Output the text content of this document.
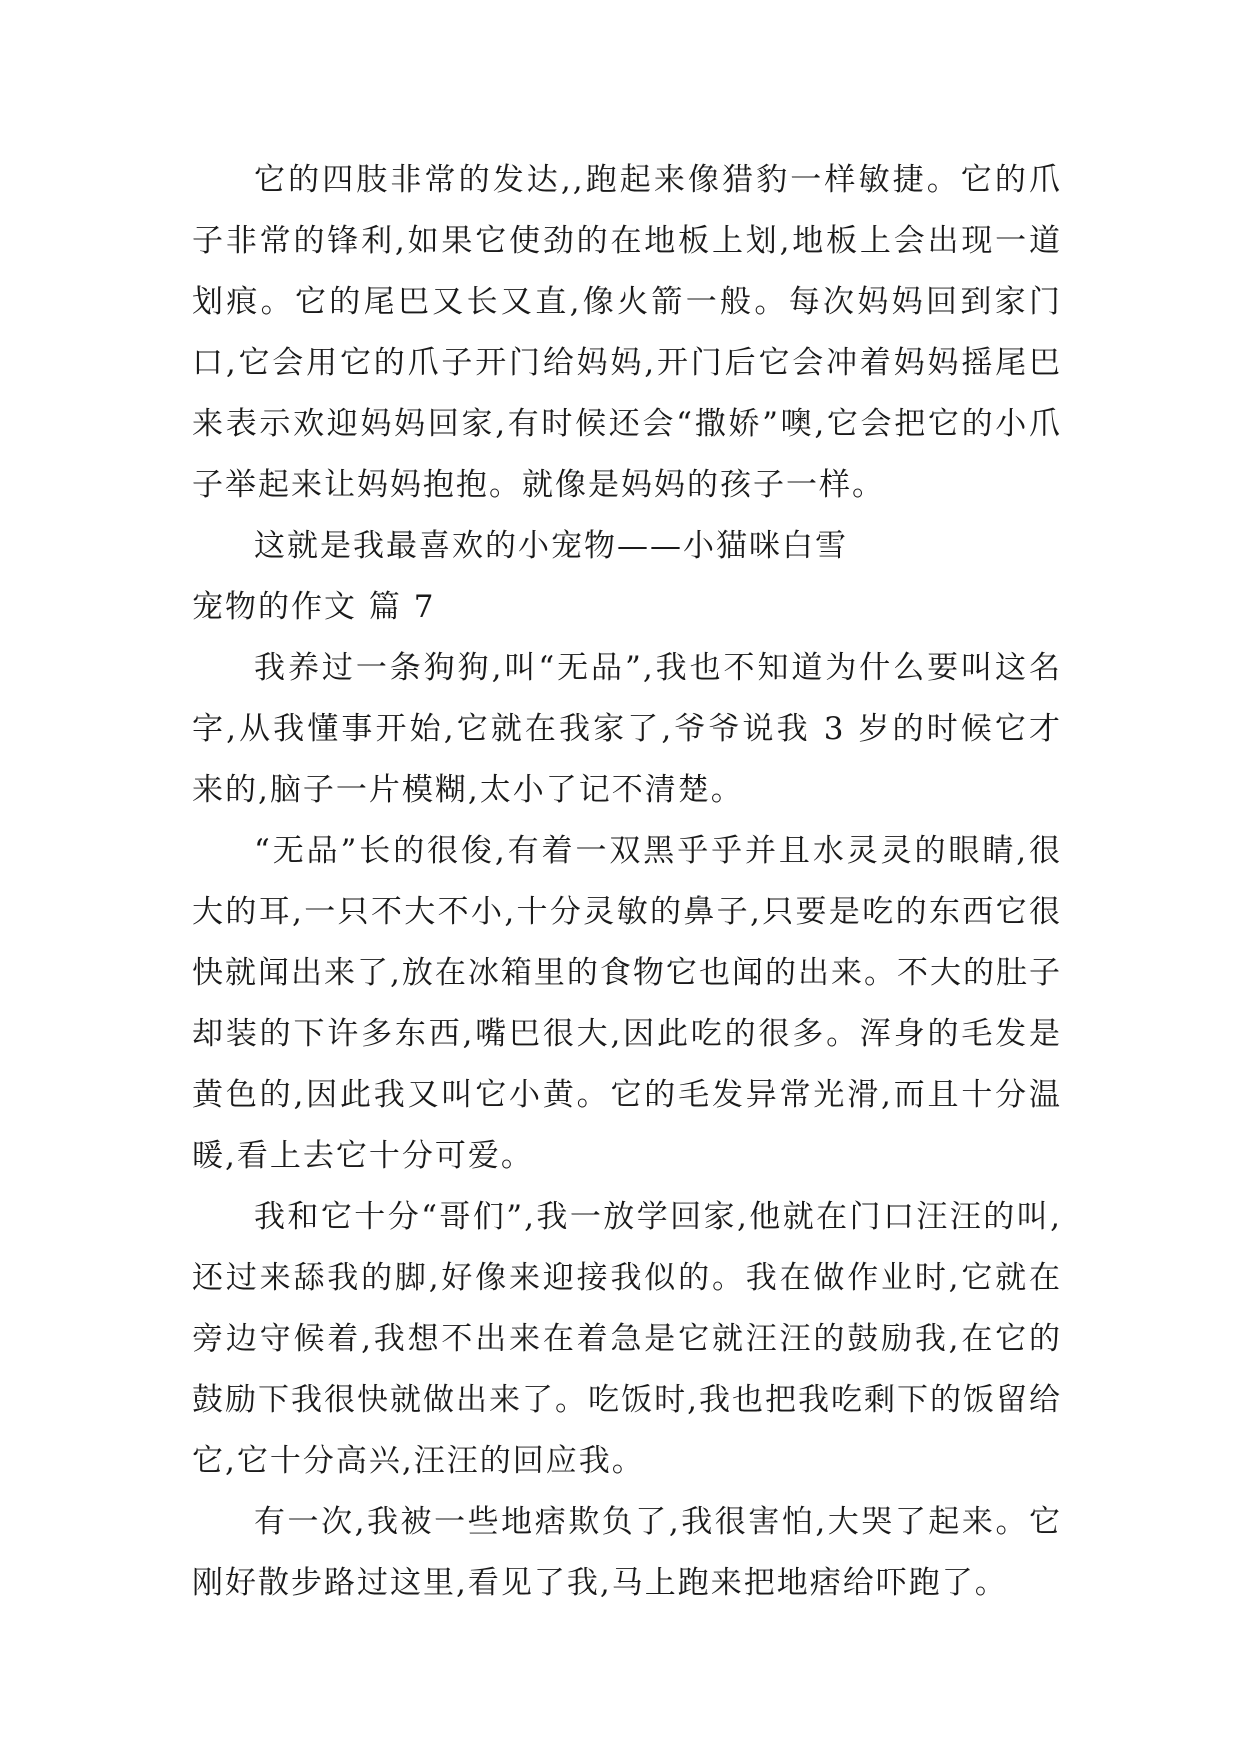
它的四肢非常的发达,,跑起来像猎豹一样敏捷。它的爪子非常的锋利,如果它使劲的在地板上划,地板上会出现一道划痕。它的尾巴又长又直,像火箭一般。每次妈妈回到家门口,它会用它的爪子开门给妈妈,开门后它会冲着妈妈摇尾巴来表示欢迎妈妈回家,有时候还会“撒娇”噢,它会把它的小爪子举起来让妈妈抱抱。就像是妈妈的孩子一样。

这就是我最喜欢的小宠物——小猫咪白雪

宠物的作文 篇 7

我养过一条狗狗,叫“无品”,我也不知道为什么要叫这名字,从我懂事开始,它就在我家了,爷爷说我 3 岁的时候它才来的,脑子一片模糊,太小了记不清楚。

“无品”长的很俊,有着一双黑乎乎并且水灵灵的眼睛,很大的耳,一只不大不小,十分灵敏的鼻子,只要是吃的东西它很快就闻出来了,放在冰箱里的食物它也闻的出来。不大的肚子却装的下许多东西,嘴巴很大,因此吃的很多。浑身的毛发是黄色的,因此我又叫它小黄。它的毛发异常光滑,而且十分温暖,看上去它十分可爱。

我和它十分“哥们”,我一放学回家,他就在门口汪汪的叫,还过来舔我的脚,好像来迎接我似的。我在做作业时,它就在旁边守候着,我想不出来在着急是它就汪汪的鼓励我,在它的鼓励下我很快就做出来了。吃饭时,我也把我吃剩下的饭留给它,它十分高兴,汪汪的回应我。

有一次,我被一些地痞欺负了,我很害怕,大哭了起来。它刚好散步路过这里,看见了我,马上跑来把地痞给吓跑了。
